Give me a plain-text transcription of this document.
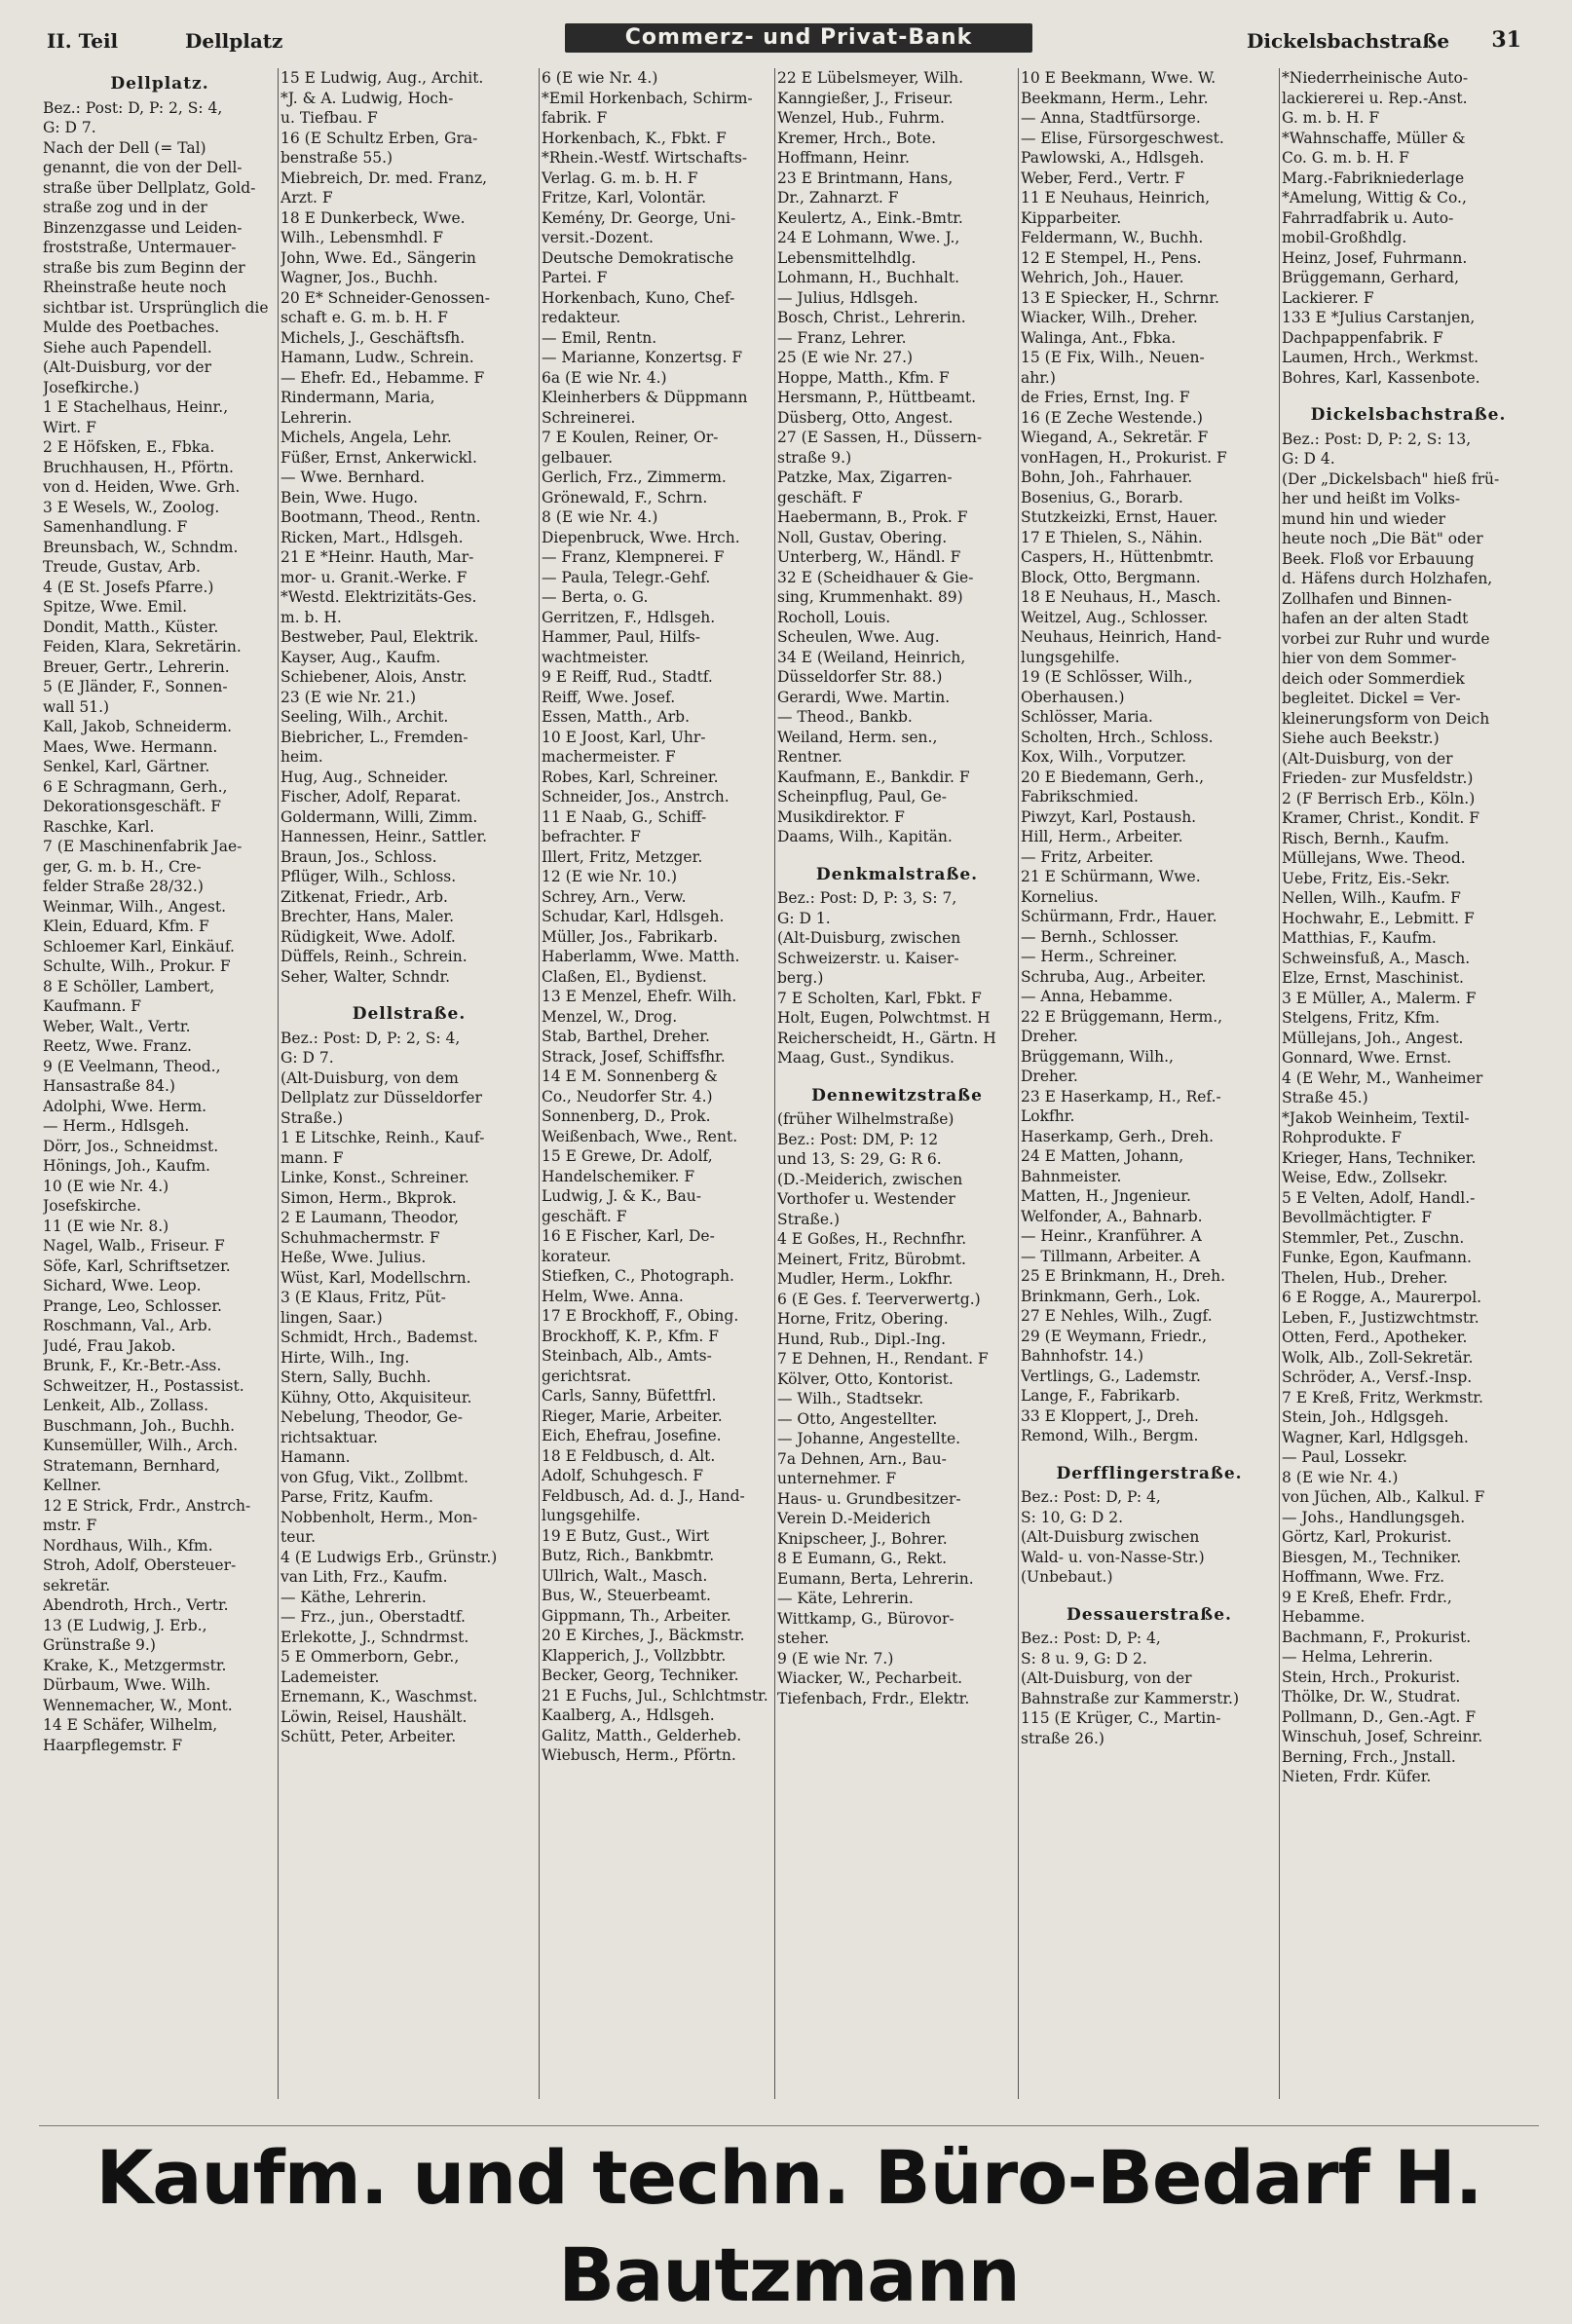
II. Teil	Dellplatz	Commerz- und Privat-Bank	Dickelsbachstraße 31
Dellplatz.
Bez.: Post: D, P: 2, S: 4,
G: D 7.
Nach der Dell (= Tal)
genannt, die von der Dell-
straße über Dellplatz, Gold-
straße zog und in der
Binzenzgasse und Leiden-
froststraße, Untermauer-
straße bis zum Beginn der
Rheinstraße heute noch
sichtbar ist. Ursprünglich die
Mulde des Poetbaches.
Siehe auch Papendell.
(Alt-Duisburg, vor der
Josefkirche.)
1 E Stachelhaus, Heinr.,
Wirt. F
2 E Höfsken, E., Fbka.
Bruchhausen, H., Pförtn.
von d. Heiden, Wwe. Grh.
3 E Wesels, W., Zoolog.
Samenhandlung. F
Breunsbach, W., Schndm.
Treude, Gustav, Arb.
4 (E St. Josefs Pfarre.)
Spitze, Wwe. Emil.
Dondit, Matth., Küster.
Feiden, Klara, Sekretärin.
Breuer, Gertr., Lehrerin.
5 (E Jländer, F., Sonnen-
wall 51.)
Kall, Jakob, Schneiderm.
Maes, Wwe. Hermann.
Senkel, Karl, Gärtner.
6 E Schragmann, Gerh.,
Dekorationsgeschäft. F
Raschke, Karl.
7 (E Maschinenfabrik Jae-
ger, G. m. b. H., Cre-
felder Straße 28/32.)
Weinmar, Wilh., Angest.
Klein, Eduard, Kfm. F
Schloemer Karl, Einkäuf.
Schulte, Wilh., Prokur. F
8 E Schöller, Lambert,
Kaufmann. F
Weber, Walt., Vertr.
Reetz, Wwe. Franz.
9 (E Veelmann, Theod.,
Hansastraße 84.)
Adolphi, Wwe. Herm.
— Herm., Hdlsgeh.
Dörr, Jos., Schneidmst.
Hönings, Joh., Kaufm.
10 (E wie Nr. 4.)
Josefskirche.
11 (E wie Nr. 8.)
Nagel, Walb., Friseur. F
Söfe, Karl, Schriftsetzer.
Sichard, Wwe. Leop.
Prange, Leo, Schlosser.
Roschmann, Val., Arb.
Judé, Frau Jakob.
Brunk, F., Kr.-Betr.-Ass.
Schweitzer, H., Postassist.
Lenkeit, Alb., Zollass.
Buschmann, Joh., Buchh.
Kunsemüller, Wilh., Arch.
Stratemann, Bernhard,
Kellner.
12 E Strick, Frdr., Anstrch-
mstr. F
Nordhaus, Wilh., Kfm.
Stroh, Adolf, Obersteuer-
sekretär.
Abendroth, Hrch., Vertr.
13 (E Ludwig, J. Erb.,
Grünstraße 9.)
Krake, K., Metzgermstr.
Dürbaum, Wwe. Wilh.
Wennemacher, W., Mont.
14 E Schäfer, Wilhelm,
Haarpflegemstr. F
15 E Ludwig, Aug., Archit.
*J. & A. Ludwig, Hoch-
u. Tiefbau. F
16 (E Schultz Erben, Gra-
benstraße 55.)
Miebreich, Dr. med. Franz,
Arzt. F
18 E Dunkerbeck, Wwe.
Wilh., Lebensmhdl. F
John, Wwe. Ed., Sängerin
Wagner, Jos., Buchh.
20 E* Schneider-Genossen-
schaft e. G. m. b. H. F
Michels, J., Geschäftsfh.
Hamann, Ludw., Schrein.
— Ehefr. Ed., Hebamme. F
Rindermann, Maria,
Lehrerin.
Michels, Angela, Lehr.
Füßer, Ernst, Ankerwickl.
— Wwe. Bernhard.
Bein, Wwe. Hugo.
Bootmann, Theod., Rentn.
Ricken, Mart., Hdlsgeh.
21 E *Heinr. Hauth, Mar-
mor- u. Granit.-Werke. F
*Westd. Elektrizitäts-Ges.
m. b. H.
Bestweber, Paul, Elektrik.
Kayser, Aug., Kaufm.
Schiebener, Alois, Anstr.
23 (E wie Nr. 21.)
Seeling, Wilh., Archit.
Biebricher, L., Fremden-
heim.
Hug, Aug., Schneider.
Fischer, Adolf, Reparat.
Goldermann, Willi, Zimm.
Hannessen, Heinr., Sattler.
Braun, Jos., Schloss.
Pflüger, Wilh., Schloss.
Zitkenat, Friedr., Arb.
Brechter, Hans, Maler.
Rüdigkeit, Wwe. Adolf.
Düffels, Reinh., Schrein.
Seher, Walter, Schndr.
Dellstraße.
Bez.: Post: D, P: 2, S: 4,
G: D 7.
(Alt-Duisburg, von dem
Dellplatz zur Düsseldorfer
Straße.)
1 E Litschke, Reinh., Kauf-
mann. F
Linke, Konst., Schreiner.
Simon, Herm., Bkprok.
2 E Laumann, Theodor,
Schuhmachermstr. F
Heße, Wwe. Julius.
Wüst, Karl, Modellschrn.
3 (E Klaus, Fritz, Püt-
lingen, Saar.)
Schmidt, Hrch., Bademst.
Hirte, Wilh., Ing.
Stern, Sally, Buchh.
Kühny, Otto, Akquisiteur.
Nebelung, Theodor, Ge-
richtsaktuar.
Hamann.
von Gfug, Vikt., Zollbmt.
Parse, Fritz, Kaufm.
Nobbenholt, Herm., Mon-
teur.
4 (E Ludwigs Erb., Grünstr.)
van Lith, Frz., Kaufm.
— Käthe, Lehrerin.
— Frz., jun., Oberstadtf.
Erlekotte, J., Schndrmst.
5 E Ommerborn, Gebr.,
Lademeister.
Ernemann, K., Waschmst.
Löwin, Reisel, Haushält.
Schütt, Peter, Arbeiter.
6 (E wie Nr. 4.)
*Emil Horkenbach, Schirm-
fabrik. F
Horkenbach, K., Fbkt. F
*Rhein.-Westf. Wirtschafts-
Verlag. G. m. b. H. F
Fritze, Karl, Volontär.
Kemény, Dr. George, Uni-
versit.-Dozent.
Deutsche Demokratische
Partei. F
Horkenbach, Kuno, Chef-
redakteur.
— Emil, Rentn.
— Marianne, Konzertsg. F
6a (E wie Nr. 4.)
Kleinherbers & Düppmann
Schreinerei.
7 E Koulen, Reiner, Or-
gelbauer.
Gerlich, Frz., Zimmerm.
Grönewald, F., Schrn.
8 (E wie Nr. 4.)
Diepenbruck, Wwe. Hrch.
— Franz, Klempnerei. F
— Paula, Telegr.-Gehf.
— Berta, o. G.
Gerritzen, F., Hdlsgeh.
Hammer, Paul, Hilfs-
wachtmeister.
9 E Reiff, Rud., Stadtf.
Reiff, Wwe. Josef.
Essen, Matth., Arb.
10 E Joost, Karl, Uhr-
machermeister. F
Robes, Karl, Schreiner.
Schneider, Jos., Anstrch.
11 E Naab, G., Schiff-
befrachter. F
Illert, Fritz, Metzger.
12 (E wie Nr. 10.)
Schrey, Arn., Verw.
Schudar, Karl, Hdlsgeh.
Müller, Jos., Fabrikarb.
Haberlamm, Wwe. Matth.
Claßen, El., Bydienst.
13 E Menzel, Ehefr. Wilh.
Menzel, W., Drog.
Stab, Barthel, Dreher.
Strack, Josef, Schiffsfhr.
14 E M. Sonnenberg &
Co., Neudorfer Str. 4.)
Sonnenberg, D., Prok.
Weißenbach, Wwe., Rent.
15 E Grewe, Dr. Adolf,
Handelschemiker. F
Ludwig, J. & K., Bau-
geschäft. F
16 E Fischer, Karl, De-
korateur.
Stiefken, C., Photograph.
Helm, Wwe. Anna.
17 E Brockhoff, F., Obing.
Brockhoff, K. P., Kfm. F
Steinbach, Alb., Amts-
gerichtsrat.
Carls, Sanny, Büfettfrl.
Rieger, Marie, Arbeiter.
Eich, Ehefrau, Josefine.
18 E Feldbusch, d. Alt.
Adolf, Schuhgesch. F
Feldbusch, Ad. d. J., Hand-
lungsgehilfe.
19 E Butz, Gust., Wirt
Butz, Rich., Bankbmtr.
Ullrich, Walt., Masch.
Bus, W., Steuerbeamt.
Gippmann, Th., Arbeiter.
20 E Kirches, J., Bäckmstr.
Klapperich, J., Vollzbbtr.
Becker, Georg, Techniker.
21 E Fuchs, Jul., Schlchtmstr.
Kaalberg, A., Hdlsgeh.
Galitz, Matth., Gelderheb.
Wiebusch, Herm., Pförtn.
22 E Lübelsmeyer, Wilh.
Kanngießer, J., Friseur.
Wenzel, Hub., Fuhrm.
Kremer, Hrch., Bote.
Hoffmann, Heinr.
23 E Brintmann, Hans,
Dr., Zahnarzt. F
Keulertz, A., Eink.-Bmtr.
24 E Lohmann, Wwe. J.,
Lebensmittelhdlg.
Lohmann, H., Buchhalt.
— Julius, Hdlsgeh.
Bosch, Christ., Lehrerin.
— Franz, Lehrer.
25 (E wie Nr. 27.)
Hoppe, Matth., Kfm. F
Hersmann, P., Hüttbeamt.
Düsberg, Otto, Angest.
27 (E Sassen, H., Düssern-
straße 9.)
Patzke, Max, Zigarren-
geschäft. F
Haebermann, B., Prok. F
Noll, Gustav, Obering.
Unterberg, W., Händl. F
32 E (Scheidhauer & Gie-
sing, Krummenhakt. 89)
Rocholl, Louis.
Scheulen, Wwe. Aug.
34 E (Weiland, Heinrich,
Düsseldorfer Str. 88.)
Gerardi, Wwe. Martin.
— Theod., Bankb.
Weiland, Herm. sen.,
Rentner.
Kaufmann, E., Bankdir. F
Scheinpflug, Paul, Ge-
Musikdirektor. F
Daams, Wilh., Kapitän.
Denkmalstraße.
Bez.: Post: D, P: 3, S: 7,
G: D 1.
(Alt-Duisburg, zwischen
Schweizerstr. u. Kaiser-
berg.)
7 E Scholten, Karl, Fbkt. F
Holt, Eugen, Polwchtmst. H
Reicherscheidt, H., Gärtn. H
Maag, Gust., Syndikus.
Dennewitzstraße
(früher Wilhelmstraße)
Bez.: Post: DM, P: 12
und 13, S: 29, G: R 6.
(D.-Meiderich, zwischen
Vorthofer u. Westender
Straße.)
4 E Goßes, H., Rechnfhr.
Meinert, Fritz, Bürobmt.
Mudler, Herm., Lokfhr.
6 (E Ges. f. Teerverwertg.)
Horne, Fritz, Obering.
Hund, Rub., Dipl.-Ing.
7 E Dehnen, H., Rendant. F
Kölver, Otto, Kontorist.
— Wilh., Stadtsekr.
— Otto, Angestellter.
— Johanne, Angestellte.
7a Dehnen, Arn., Bau-
unternehmer. F
Haus- u. Grundbesitzer-
Verein D.-Meiderich
Knipscheer, J., Bohrer.
8 E Eumann, G., Rekt.
Eumann, Berta, Lehrerin.
— Käte, Lehrerin.
Wittkamp, G., Bürovor-
steher.
9 (E wie Nr. 7.)
Wiacker, W., Pecharbeit.
Tiefenbach, Frdr., Elektr.
10 E Beekmann, Wwe. W.
Beekmann, Herm., Lehr.
— Anna, Stadtfürsorge.
— Elise, Fürsorgeschwest.
Pawlowski, A., Hdlsgeh.
Weber, Ferd., Vertr. F
11 E Neuhaus, Heinrich,
Kipparbeiter.
Feldermann, W., Buchh.
12 E Stempel, H., Pens.
Wehrich, Joh., Hauer.
13 E Spiecker, H., Schrnr.
Wiacker, Wilh., Dreher.
Walinga, Ant., Fbka.
15 (E Fix, Wilh., Neuen-
ahr.)
de Fries, Ernst, Ing. F
16 (E Zeche Westende.)
Wiegand, A., Sekretär. F
vonHagen, H., Prokurist. F
Bohn, Joh., Fahrhauer.
Bosenius, G., Borarb.
Stutzkeizki, Ernst, Hauer.
17 E Thielen, S., Nähin.
Caspers, H., Hüttenbmtr.
Block, Otto, Bergmann.
18 E Neuhaus, H., Masch.
Weitzel, Aug., Schlosser.
Neuhaus, Heinrich, Hand-
lungsgehilfe.
19 (E Schlösser, Wilh.,
Oberhausen.)
Schlösser, Maria.
Scholten, Hrch., Schloss.
Kox, Wilh., Vorputzer.
20 E Biedemann, Gerh.,
Fabrikschmied.
Piwzyt, Karl, Postaush.
Hill, Herm., Arbeiter.
— Fritz, Arbeiter.
21 E Schürmann, Wwe.
Kornelius.
Schürmann, Frdr., Hauer.
— Bernh., Schlosser.
— Herm., Schreiner.
Schruba, Aug., Arbeiter.
— Anna, Hebamme.
22 E Brüggemann, Herm.,
Dreher.
Brüggemann, Wilh.,
Dreher.
23 E Haserkamp, H., Ref.-
Lokfhr.
Haserkamp, Gerh., Dreh.
24 E Matten, Johann,
Bahnmeister.
Matten, H., Jngenieur.
Welfonder, A., Bahnarb.
— Heinr., Kranführer. A
— Tillmann, Arbeiter. A
25 E Brinkmann, H., Dreh.
Brinkmann, Gerh., Lok.
27 E Nehles, Wilh., Zugf.
29 (E Weymann, Friedr.,
Bahnhofstr. 14.)
Vertlings, G., Lademstr.
Lange, F., Fabrikarb.
33 E Kloppert, J., Dreh.
Remond, Wilh., Bergm.
Derfflingerstraße.
Bez.: Post: D, P: 4,
S: 10, G: D 2.
(Alt-Duisburg zwischen
Wald- u. von-Nasse-Str.)
(Unbebaut.)
Dessauerstraße.
Bez.: Post: D, P: 4,
S: 8 u. 9, G: D 2.
(Alt-Duisburg, von der
Bahnstraße zur Kammerstr.)
115 (E Krüger, C., Martin-
straße 26.)
*Niederrheinische Auto-
lackiererei u. Rep.-Anst.
G. m. b. H. F
*Wahnschaffe, Müller &
Co. G. m. b. H. F
Marg.-Fabrikniederlage
*Amelung, Wittig & Co.,
Fahrradfabrik u. Auto-
mobil-Großhdlg.
Heinz, Josef, Fuhrmann.
Brüggemann, Gerhard,
Lackierer. F
133 E *Julius Carstanjen,
Dachpappenfabrik. F
Laumen, Hrch., Werkmst.
Bohres, Karl, Kassenbote.
Dickelsbachstraße.
Bez.: Post: D, P: 2, S: 13,
G: D 4.
(Der „Dickelsbach" hieß frü-
her und heißt im Volks-
mund hin und wieder
heute noch „Die Bät" oder
Beek. Floß vor Erbauung
d. Häfens durch Holzhafen,
Zollhafen und Binnen-
hafen an der alten Stadt
vorbei zur Ruhr und wurde
hier von dem Sommer-
deich oder Sommerdiek
begleitet. Dickel = Ver-
kleinerungsform von Deich
Siehe auch Beekstr.)
(Alt-Duisburg, von der
Frieden- zur Musfeldstr.)
2 (F Berrisch Erb., Köln.)
Kramer, Christ., Kondit. F
Risch, Bernh., Kaufm.
Müllejans, Wwe. Theod.
Uebe, Fritz, Eis.-Sekr.
Nellen, Wilh., Kaufm. F
Hochwahr, E., Lebmitt. F
Matthias, F., Kaufm.
Schweinsfuß, A., Masch.
Elze, Ernst, Maschinist.
3 E Müller, A., Malerm. F
Stelgens, Fritz, Kfm.
Müllejans, Joh., Angest.
Gonnard, Wwe. Ernst.
4 (E Wehr, M., Wanheimer
Straße 45.)
*Jakob Weinheim, Textil-
Rohprodukte. F
Krieger, Hans, Techniker.
Weise, Edw., Zollsekr.
5 E Velten, Adolf, Handl.-
Bevollmächtigter. F
Stemmler, Pet., Zuschn.
Funke, Egon, Kaufmann.
Thelen, Hub., Dreher.
6 E Rogge, A., Maurerpol.
Leben, F., Justizwchtmstr.
Otten, Ferd., Apotheker.
Wolk, Alb., Zoll-Sekretär.
Schröder, A., Versf.-Insp.
7 E Kreß, Fritz, Werkmstr.
Stein, Joh., Hdlgsgeh.
Wagner, Karl, Hdlgsgeh.
— Paul, Lossekr.
8 (E wie Nr. 4.)
von Jüchen, Alb., Kalkul. F
— Johs., Handlungsgeh.
Görtz, Karl, Prokurist.
Biesgen, M., Techniker.
Hoffmann, Wwe. Frz.
9 E Kreß, Ehefr. Frdr.,
Hebamme.
Bachmann, F., Prokurist.
— Helma, Lehrerin.
Stein, Hrch., Prokurist.
Thölke, Dr. W., Studrat.
Pollmann, D., Gen.-Agt. F
Winschuh, Josef, Schreinr.
Berning, Frch., Jnstall.
Nieten, Frdr. Küfer.
Kaufm. und techn. Büro-Bedarf H. Bautzmann
